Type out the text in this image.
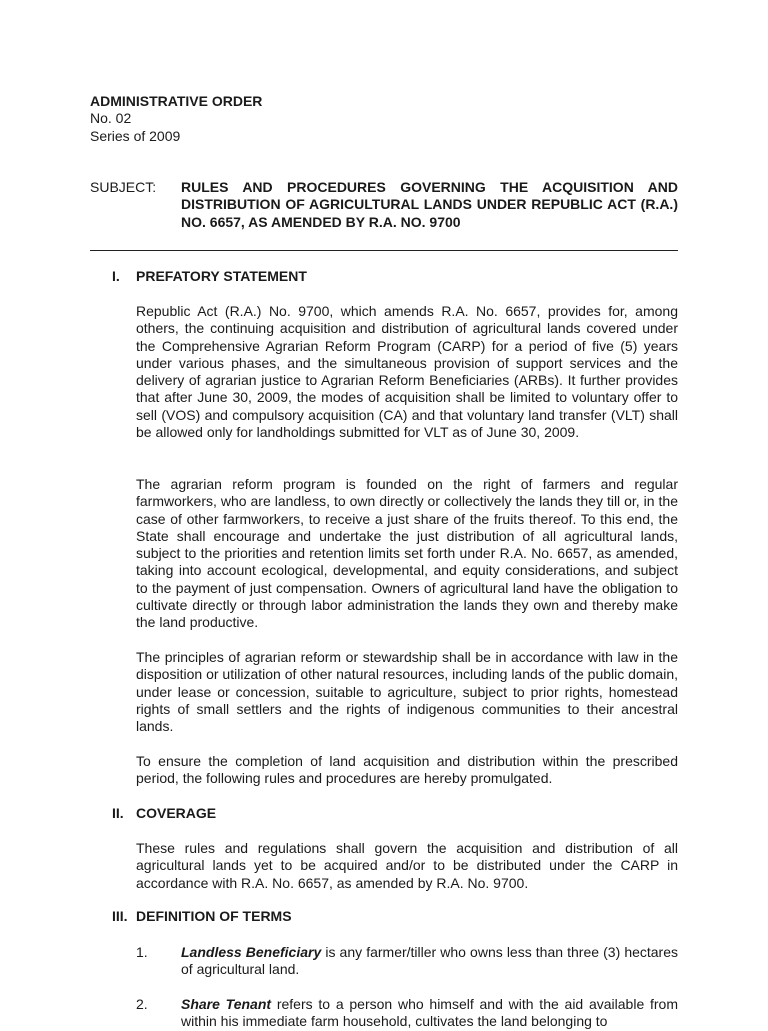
ADMINISTRATIVE ORDER
No. 02
Series of 2009
SUBJECT: RULES AND PROCEDURES GOVERNING THE ACQUISITION AND DISTRIBUTION OF AGRICULTURAL LANDS UNDER REPUBLIC ACT (R.A.) NO. 6657, AS AMENDED BY R.A. NO. 9700
I. PREFATORY STATEMENT
Republic Act (R.A.) No. 9700, which amends R.A. No. 6657, provides for, among others, the continuing acquisition and distribution of agricultural lands covered under the Comprehensive Agrarian Reform Program (CARP) for a period of five (5) years under various phases, and the simultaneous provision of support services and the delivery of agrarian justice to Agrarian Reform Beneficiaries (ARBs). It further provides that after June 30, 2009, the modes of acquisition shall be limited to voluntary offer to sell (VOS) and compulsory acquisition (CA) and that voluntary land transfer (VLT) shall be allowed only for landholdings submitted for VLT as of June 30, 2009.
The agrarian reform program is founded on the right of farmers and regular farmworkers, who are landless, to own directly or collectively the lands they till or, in the case of other farmworkers, to receive a just share of the fruits thereof. To this end, the State shall encourage and undertake the just distribution of all agricultural lands, subject to the priorities and retention limits set forth under R.A. No. 6657, as amended, taking into account ecological, developmental, and equity considerations, and subject to the payment of just compensation. Owners of agricultural land have the obligation to cultivate directly or through labor administration the lands they own and thereby make the land productive.
The principles of agrarian reform or stewardship shall be in accordance with law in the disposition or utilization of other natural resources, including lands of the public domain, under lease or concession, suitable to agriculture, subject to prior rights, homestead rights of small settlers and the rights of indigenous communities to their ancestral lands.
To ensure the completion of land acquisition and distribution within the prescribed period, the following rules and procedures are hereby promulgated.
II. COVERAGE
These rules and regulations shall govern the acquisition and distribution of all agricultural lands yet to be acquired and/or to be distributed under the CARP in accordance with R.A. No. 6657, as amended by R.A. No. 9700.
III. DEFINITION OF TERMS
1. Landless Beneficiary is any farmer/tiller who owns less than three (3) hectares of agricultural land.
2. Share Tenant refers to a person who himself and with the aid available from within his immediate farm household, cultivates the land belonging to
